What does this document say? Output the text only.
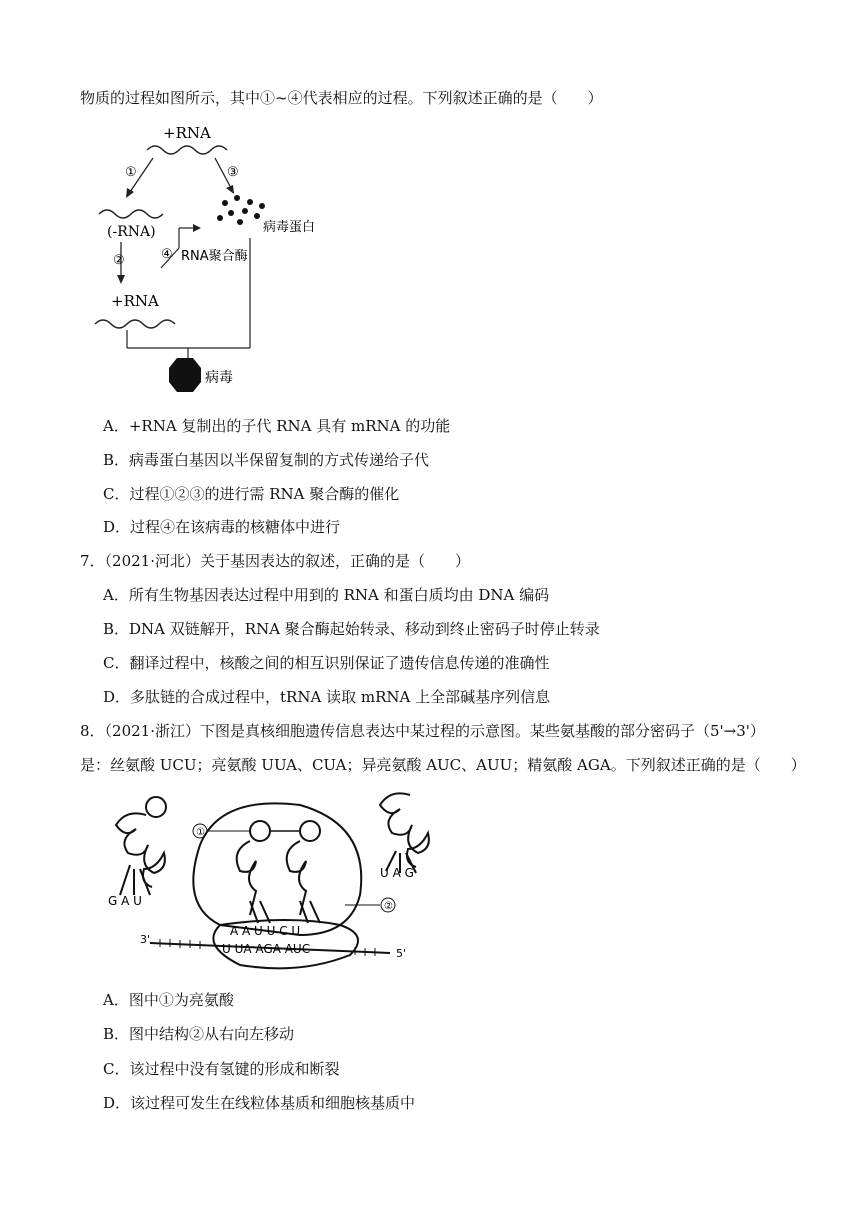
物质的过程如图所示，其中①~④代表相应的过程。下列叙述正确的是（　　）
+RNA
①	③
病毒蛋白
(-RNA)
④ RNA聚合酶
②
+RNA
病毒
A．+RNA 复制出的子代 RNA 具有 mRNA 的功能
B．病毒蛋白基因以半保留复制的方式传递给子代
C．过程①②③的进行需 RNA 聚合酶的催化
D．过程④在该病毒的核糖体中进行
7．（2021·河北）关于基因表达的叙述，正确的是（　　）
A．所有生物基因表达过程中用到的 RNA 和蛋白质均由 DNA 编码
B．DNA 双链解开，RNA 聚合酶起始转录、移动到终止密码子时停止转录
C．翻译过程中，核酸之间的相互识别保证了遗传信息传递的准确性
D．多肽链的合成过程中，tRNA 读取 mRNA 上全部碱基序列信息
8．（2021·浙江）下图是真核细胞遗传信息表达中某过程的示意图。某些氨基酸的部分密码子（5'→3'）
是：丝氨酸 UCU；亮氨酸 UUA、CUA；异亮氨酸 AUC、AUU；精氨酸 AGA。下列叙述正确的是（　　）
G A U
U A G
①
A A U U C U
②
3'
5'
U UA AGA AUC
A．图中①为亮氨酸
B．图中结构②从右向左移动
C．该过程中没有氢键的形成和断裂
D．该过程可发生在线粒体基质和细胞核基质中
